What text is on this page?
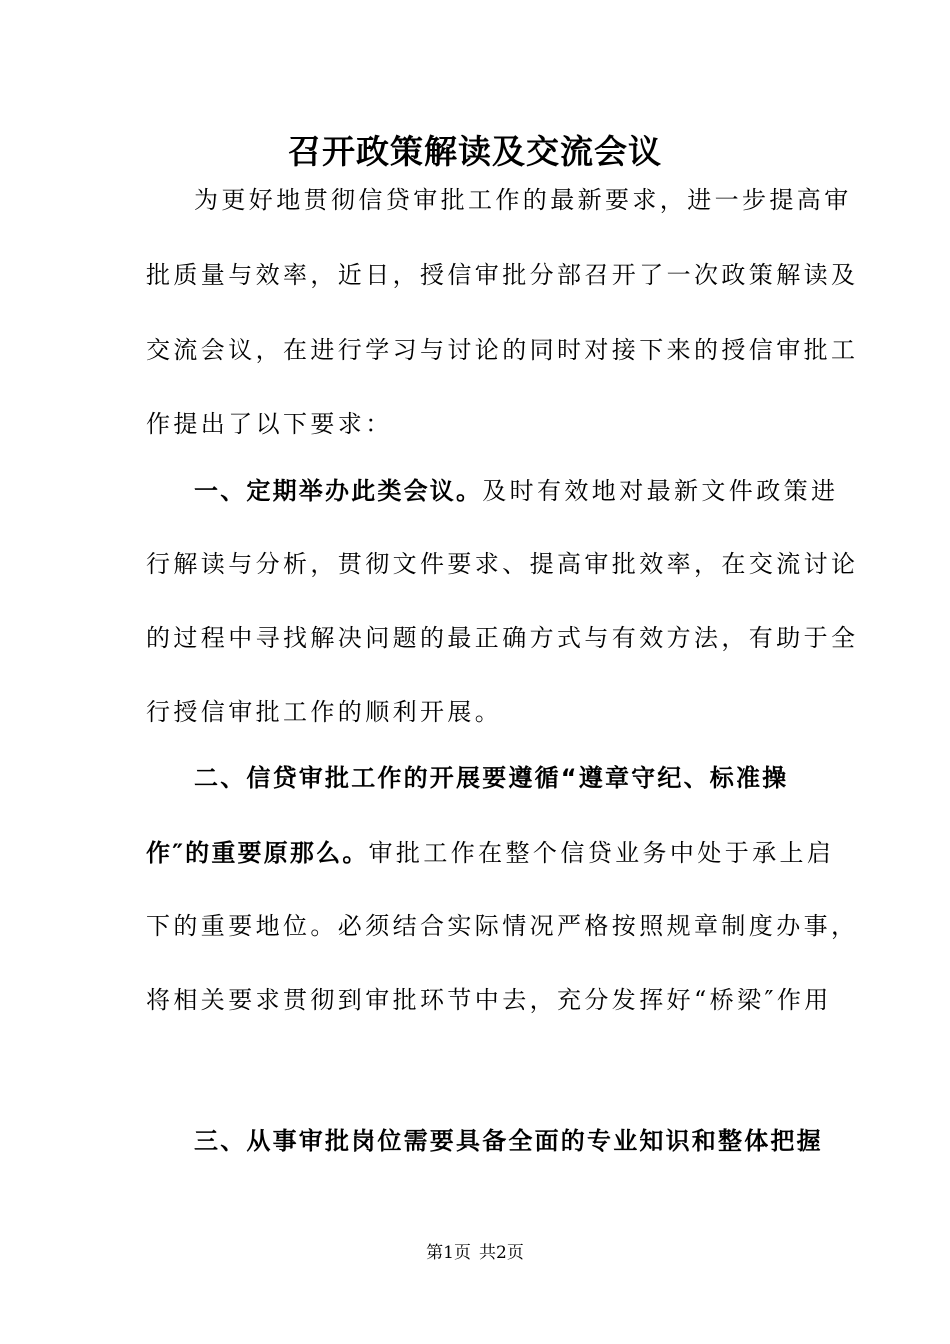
召开政策解读及交流会议
为更好地贯彻信贷审批工作的最新要求，进一步提高审
批质量与效率，近日，授信审批分部召开了一次政策解读及
交流会议，在进行学习与讨论的同时对接下来的授信审批工
作提出了以下要求：
一、定期举办此类会议。及时有效地对最新文件政策进
行解读与分析，贯彻文件要求、提高审批效率，在交流讨论
的过程中寻找解决问题的最正确方式与有效方法，有助于全
行授信审批工作的顺利开展。
二、信贷审批工作的开展要遵循“遵章守纪、标准操
作″的重要原那么。审批工作在整个信贷业务中处于承上启
下的重要地位。必须结合实际情况严格按照规章制度办事，
将相关要求贯彻到审批环节中去，充分发挥好“桥梁″作用
三、从事审批岗位需要具备全面的专业知识和整体把握
第1页 共2页
